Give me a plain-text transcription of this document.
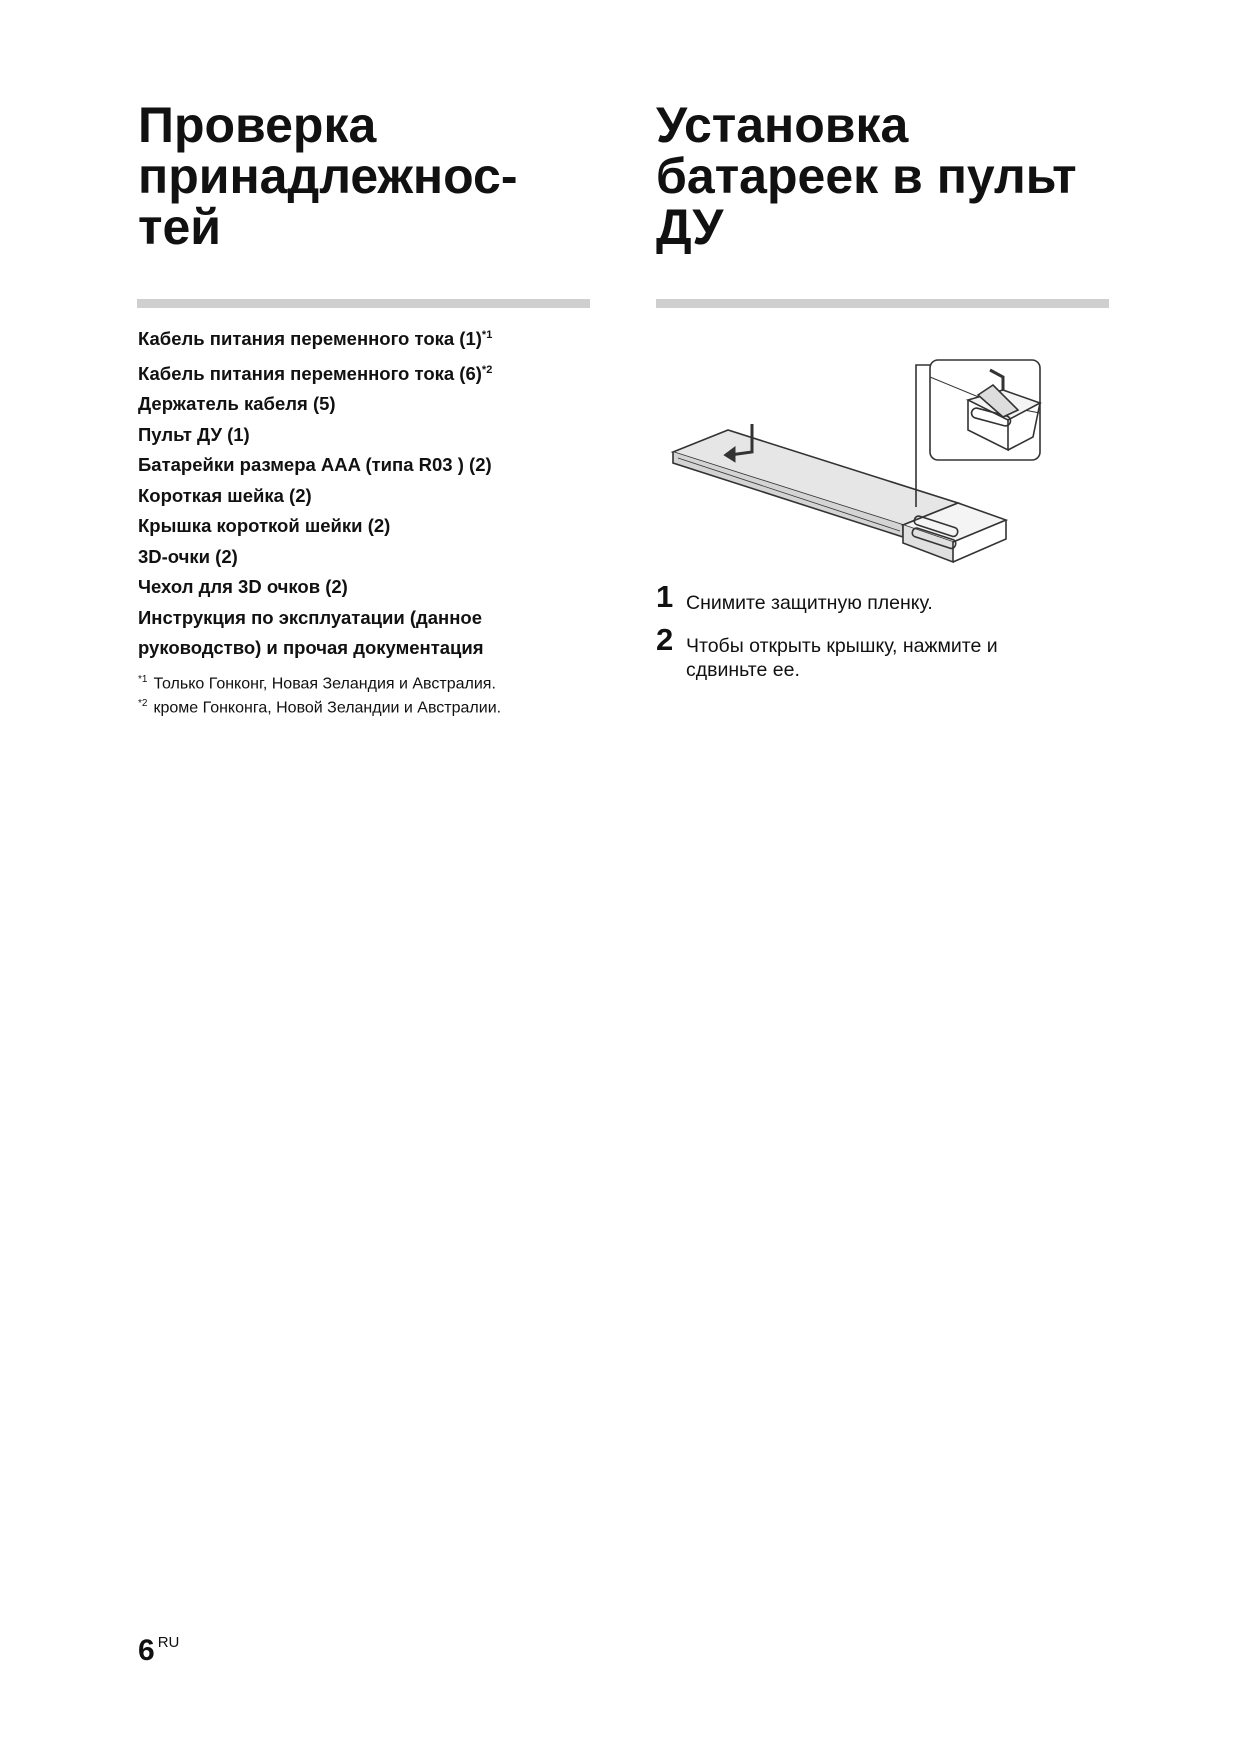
Проверка
принадлежнос-
тей
Установка
батареек в пульт
ДУ
Кабель питания переменного тока $(1)^{*1}$
Кабель питания переменного тока $(6)^{*2}$
Держатель кабеля (5)
Пульт ДУ (1)
Батарейки размера AAA (типа R03 ) (2)
Короткая шейка (2)
Крышка короткой шейки (2)
3D-очки (2)
Чехол для 3D очков (2)
Инструкция по эксплуатации (данное
руководство) и прочая документация
$^{*1}$ Только Гонконг, Новая Зеландия и Австралия.
$^{*2}$ кроме Гонконга, Новой Зеландии и Австралии.
1 Снимите защитную пленку.
2 Чтобы открыть крышку, нажмите и сдвиньте ее.
6 $^{RU}$
